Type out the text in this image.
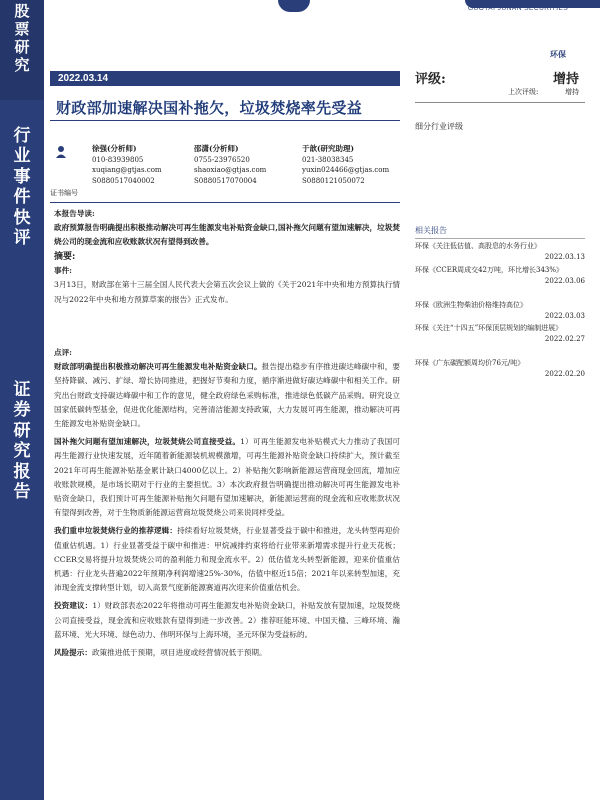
股
票
研
究
行
业
事
件
快
评
证
券
研
究
报
告
GUOTAI JUNAN SECURITIES
环保
2022.03.14
财政部加速解决国补拖欠，垃圾焚烧率先受益
徐强(分析师)
010-83939805
xuqiang@gtjas.com
S0880517040002
邵潇(分析师)
0755-23976520
shaoxiao@gtjas.com
S0880517070004
于歆(研究助理)
021-38038345
yuxin024466@gtjas.com
S0880121050072
证书编号
评级:	增持
上次评级:	增持
细分行业评级
相关报告
环保《关注低估值、高股息的水务行业》
2022.03.13
环保《CCER周成交42万吨，环比增长343%》
2022.03.06
环保《欧洲生物柴油价格维持高位》
2022.03.03
环保《关注“十四五”环保顶层规划的编制进展》
2022.02.27
环保《广东碳配额周均价76元/吨》
2022.02.20
本报告导读:
政府预算报告明确提出积极推动解决可再生能源发电补贴资金缺口,国补拖欠问题有望加速解决，垃圾焚烧公司的现金流和应收账款状况有望得到改善。
摘要:
事件:
3月13日，财政部在第十三届全国人民代表大会第五次会议上做的《关于2021年中央和地方预算执行情况与2022年中央和地方预算草案的报告》正式发布。
点评:
财政部明确提出积极推动解决可再生能源发电补贴资金缺口。报告提出稳步有序推进碳达峰碳中和，要坚持降碳、减污、扩绿、增长协同推进，把握好节奏和力度，循序渐进做好碳达峰碳中和相关工作。研究出台财政支持碳达峰碳中和工作的意见，健全政府绿色采购标准，推进绿色低碳产品采购。研究设立国家低碳转型基金，促进优化能源结构，完善清洁能源支持政策，大力发展可再生能源，推动解决可再生能源发电补贴资金缺口。
国补拖欠问题有望加速解决，垃圾焚烧公司直接受益。1）可再生能源发电补贴模式大力推动了我国可再生能源行业快速发展，近年随着新能源装机规模激增，可再生能源补贴资金缺口持续扩大，预计截至2021年可再生能源补贴基金累计缺口4000亿以上。2）补贴拖欠影响新能源运营商现金回流，增加应收账款规模，是市场长期对于行业的主要担忧。3）本次政府报告明确提出推动解决可再生能源发电补贴资金缺口，我们预计可再生能源补贴拖欠问题有望加速解决，新能源运营商的现金流和应收账款状况有望得到改善，对于生物质新能源运营商垃圾焚烧公司来说同样受益。
我们重申垃圾焚烧行业的推荐逻辑：持续看好垃圾焚烧，行业显著受益于碳中和推进，龙头转型再迎价值重估机遇。1）行业显著受益于碳中和推进：甲烷减排约束将给行业带来新增需求提升行业天花板；CCER交易将提升垃圾焚烧公司的盈利能力和现金流水平。2）低估值龙头转型新能源，迎来价值重估机遇：行业龙头普遍2022年预期净利润增速25%-30%，估值中枢近15倍；2021年以来转型加速，充沛现金流支撑转型计划，切入高景气度新能源赛道再次迎来价值重估机会。
投资建议：1）财政部表态2022年将推动可再生能源发电补贴资金缺口，补贴发放有望加速，垃圾焚烧公司直接受益，现金流和应收账款有望得到进一步改善。2）推荐旺能环境、中国天楹、三峰环境、瀚蓝环境、光大环境、绿色动力、伟明环保与上海环境，圣元环保为受益标的。
风险提示：政策推进低于预期，项目进度或经营情况低于预期。
